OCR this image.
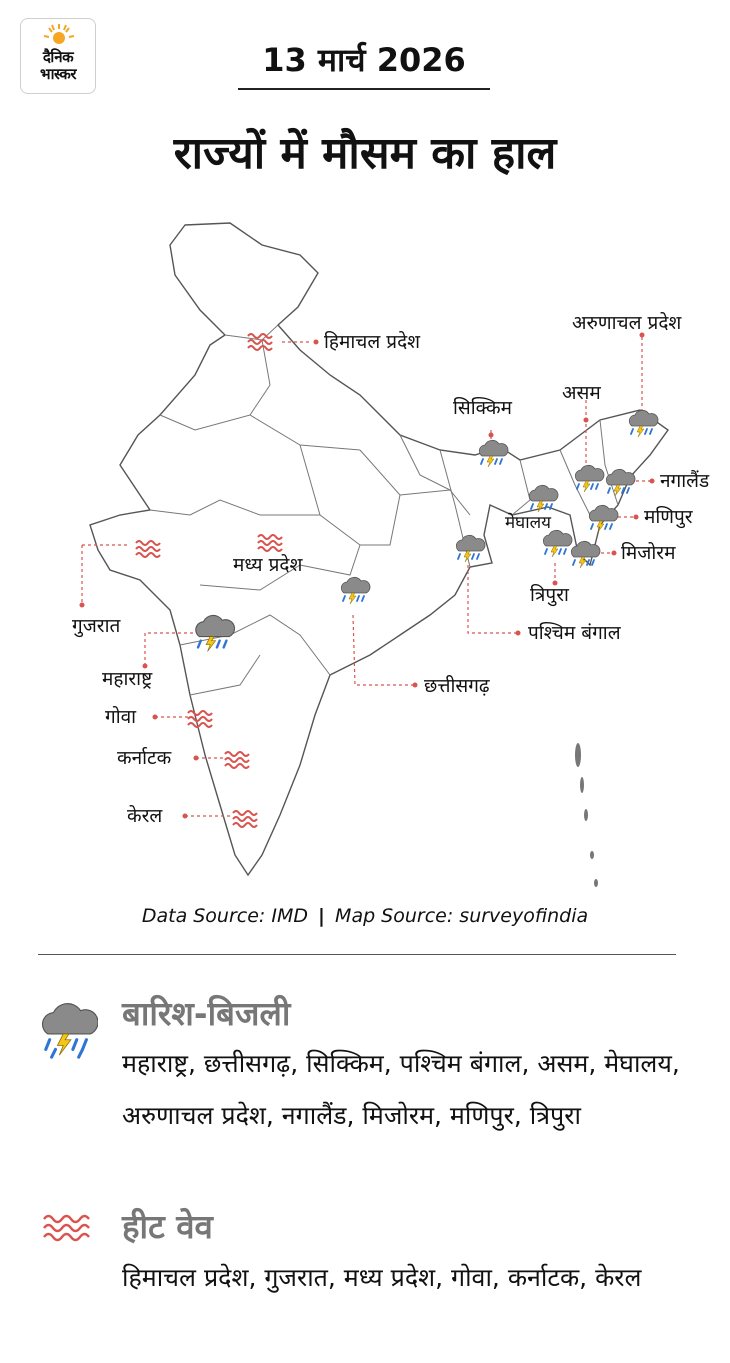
दैनिक
भास्कर	13 मार्च 2026
राज्यों में मौसम का हाल
हिमाचल प्रदेश
अरुणाचल प्रदेश
असम
सिक्किम
नगालैंड
मणिपुर
मेघालय
मिजोरम
त्रिपुरा
गुजरात
मध्य प्रदेश
पश्चिम बंगाल
महाराष्ट्र	छत्तीसगढ़
गोवा
कर्नाटक
केरल
Data Source: IMD | Map Source: surveyofindia
बारिश-बिजली
महाराष्ट्र, छत्तीसगढ़, सिक्किम, पश्चिम बंगाल, असम, मेघालय, अरुणाचल प्रदेश, नगालैंड, मिजोरम, मणिपुर, त्रिपुरा
हीट वेव
हिमाचल प्रदेश, गुजरात, मध्य प्रदेश, गोवा, कर्नाटक, केरल
